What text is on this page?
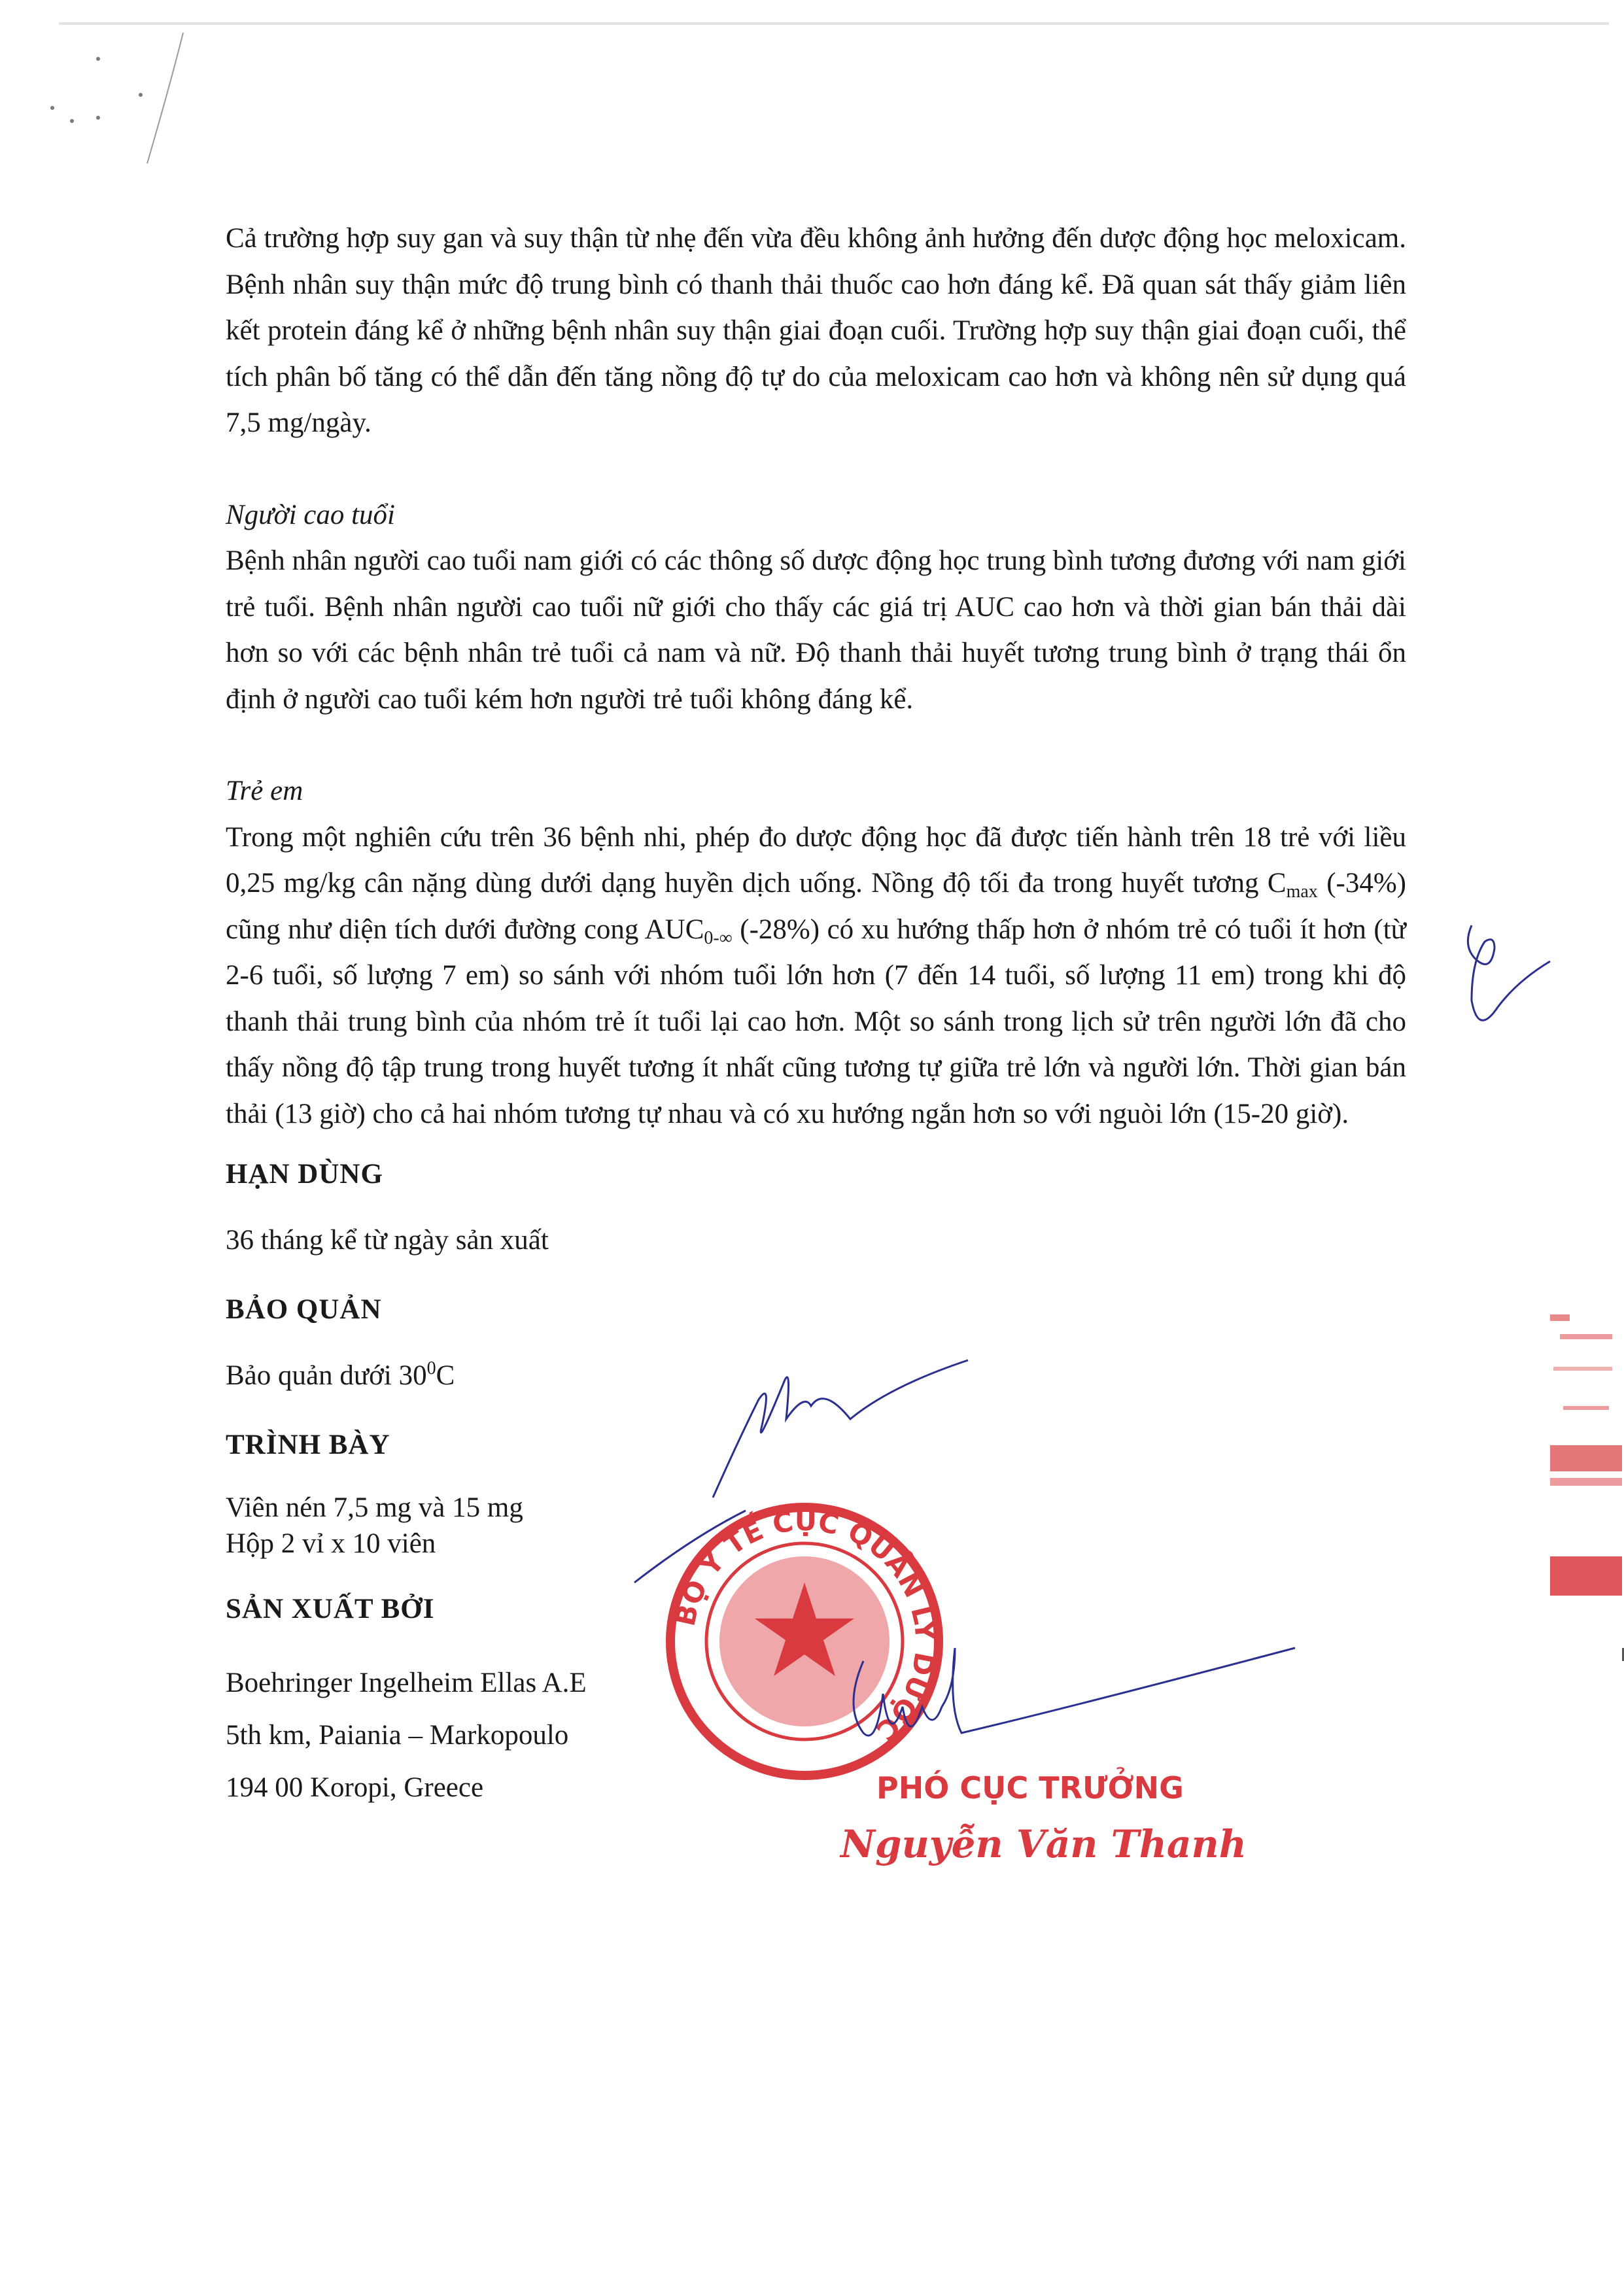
Cả trường hợp suy gan và suy thận từ nhẹ đến vừa đều không ảnh hưởng đến dược động học meloxicam. Bệnh nhân suy thận mức độ trung bình có thanh thải thuốc cao hơn đáng kể. Đã quan sát thấy giảm liên kết protein đáng kể ở những bệnh nhân suy thận giai đoạn cuối. Trường hợp suy thận giai đoạn cuối, thể tích phân bố tăng có thể dẫn đến tăng nồng độ tự do của meloxicam cao hơn và không nên sử dụng quá 7,5 mg/ngày.

Người cao tuổi

Bệnh nhân người cao tuổi nam giới có các thông số dược động học trung bình tương đương với nam giới trẻ tuổi. Bệnh nhân người cao tuổi nữ giới cho thấy các giá trị AUC cao hơn và thời gian bán thải dài hơn so với các bệnh nhân trẻ tuổi cả nam và nữ. Độ thanh thải huyết tương trung bình ở trạng thái ổn định ở người cao tuổi kém hơn người trẻ tuổi không đáng kể.

Trẻ em

Trong một nghiên cứu trên 36 bệnh nhi, phép đo dược động học đã được tiến hành trên 18 trẻ với liều 0,25 mg/kg cân nặng dùng dưới dạng huyền dịch uống. Nồng độ tối đa trong huyết tương $C_{max}$ (-34%) cũng như diện tích dưới đường cong $AUC_{0-\infty}$ (-28%) có xu hướng thấp hơn ở nhóm trẻ có tuổi ít hơn (từ 2-6 tuổi, số lượng 7 em) so sánh với nhóm tuổi lớn hơn (7 đến 14 tuổi, số lượng 11 em) trong khi độ thanh thải trung bình của nhóm trẻ ít tuổi lại cao hơn. Một so sánh trong lịch sử trên người lớn đã cho thấy nồng độ tập trung trong huyết tương ít nhất cũng tương tự giữa trẻ lớn và người lớn. Thời gian bán thải (13 giờ) cho cả hai nhóm tương tự nhau và có xu hướng ngắn hơn so với nguòi lớn (15-20 giờ).

HẠN DÙNG

36 tháng kể từ ngày sản xuất

BẢO QUẢN

Bảo quản dưới $30^0C$

TRÌNH BÀY

Viên nén 7,5 mg và 15 mg

Hộp 2 vỉ x 10 viên

SẢN XUẤT BỞI

Boehringer Ingelheim Ellas A.E

5th km, Paiania – Markopoulo

194 00 Koropi, Greece

BỘ Y TẾ CỤC QUẢN LÝ DƯỢC
PHÓ CỤC TRƯỞNG
Nguyễn Văn Thanh
